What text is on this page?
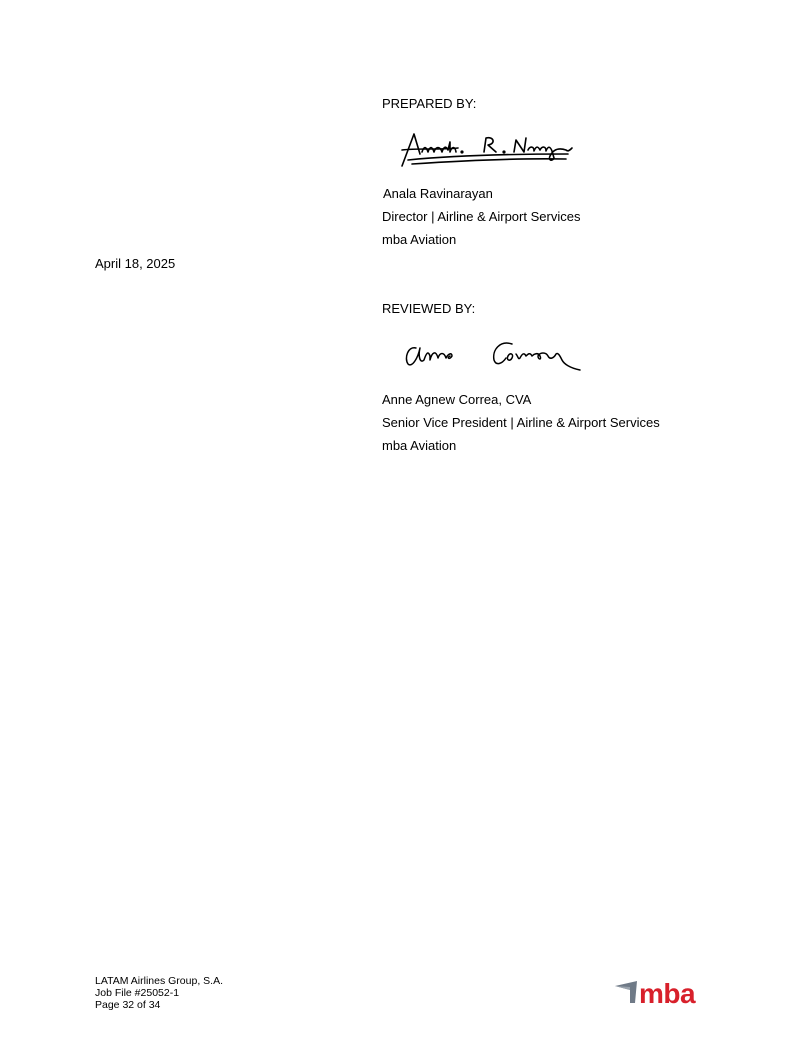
April 18, 2025
PREPARED BY:
Anala Ravinarayan
Director | Airline & Airport Services
mba Aviation
REVIEWED BY:
Anne Agnew Correa, CVA
Senior Vice President | Airline & Airport Services
mba Aviation
LATAM Airlines Group, S.A.
Job File #25052-1
Page 32 of 34	mba
